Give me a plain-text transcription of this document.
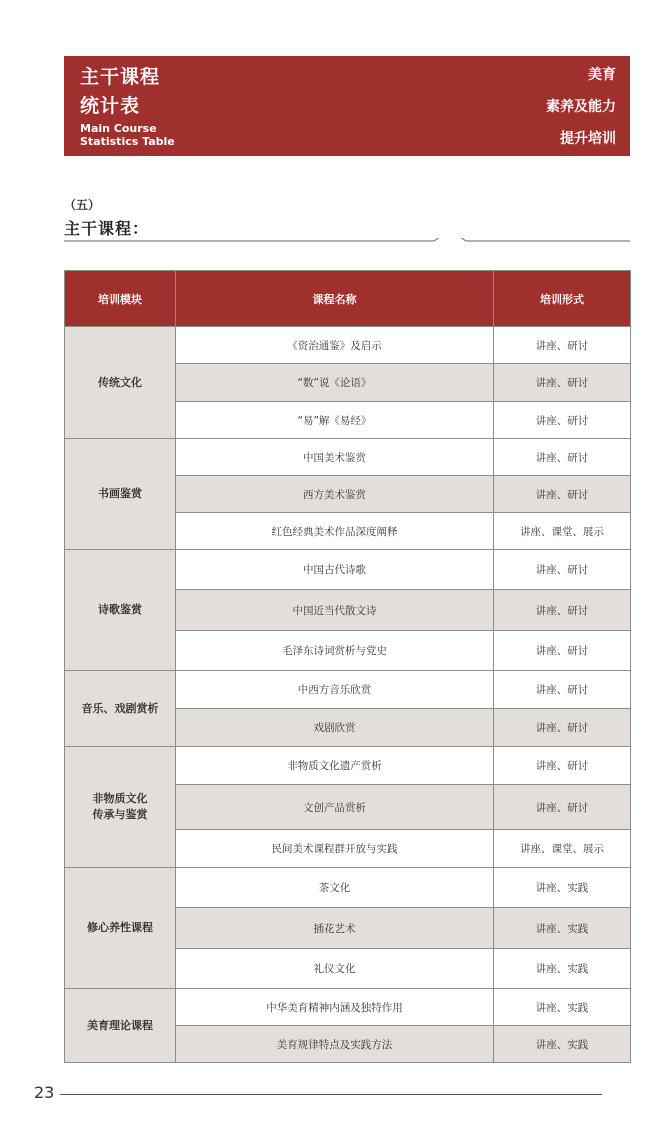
主干课程
统计表
Main Course
Statistics Table
美育
素养及能力
提升培训
（五）
主干课程：
培训模块	课程名称	培训形式
传统文化	《资治通鉴》及启示	讲座、研讨
	“数”说《论语》	讲座、研讨
	“易”解《易经》	讲座、研讨
书画鉴赏	中国美术鉴赏	讲座、研讨
	西方美术鉴赏	讲座、研讨
	红色经典美术作品深度阐释	讲座、课堂、展示
诗歌鉴赏	中国古代诗歌	讲座、研讨
	中国近当代散文诗	讲座、研讨
	毛泽东诗词赏析与党史	讲座、研讨
音乐、戏剧赏析	中西方音乐欣赏	讲座、研讨
	戏剧欣赏	讲座、研讨
非物质文化
传承与鉴赏	非物质文化遗产赏析	讲座、研讨
	文创产品赏析	讲座、研讨
	民间美术课程群开放与实践	讲座、课堂、展示
修心养性课程	茶文化	讲座、实践
	插花艺术	讲座、实践
	礼仪文化	讲座、实践
美育理论课程	中华美育精神内涵及独特作用	讲座、实践
	美育规律特点及实践方法	讲座、实践
23
